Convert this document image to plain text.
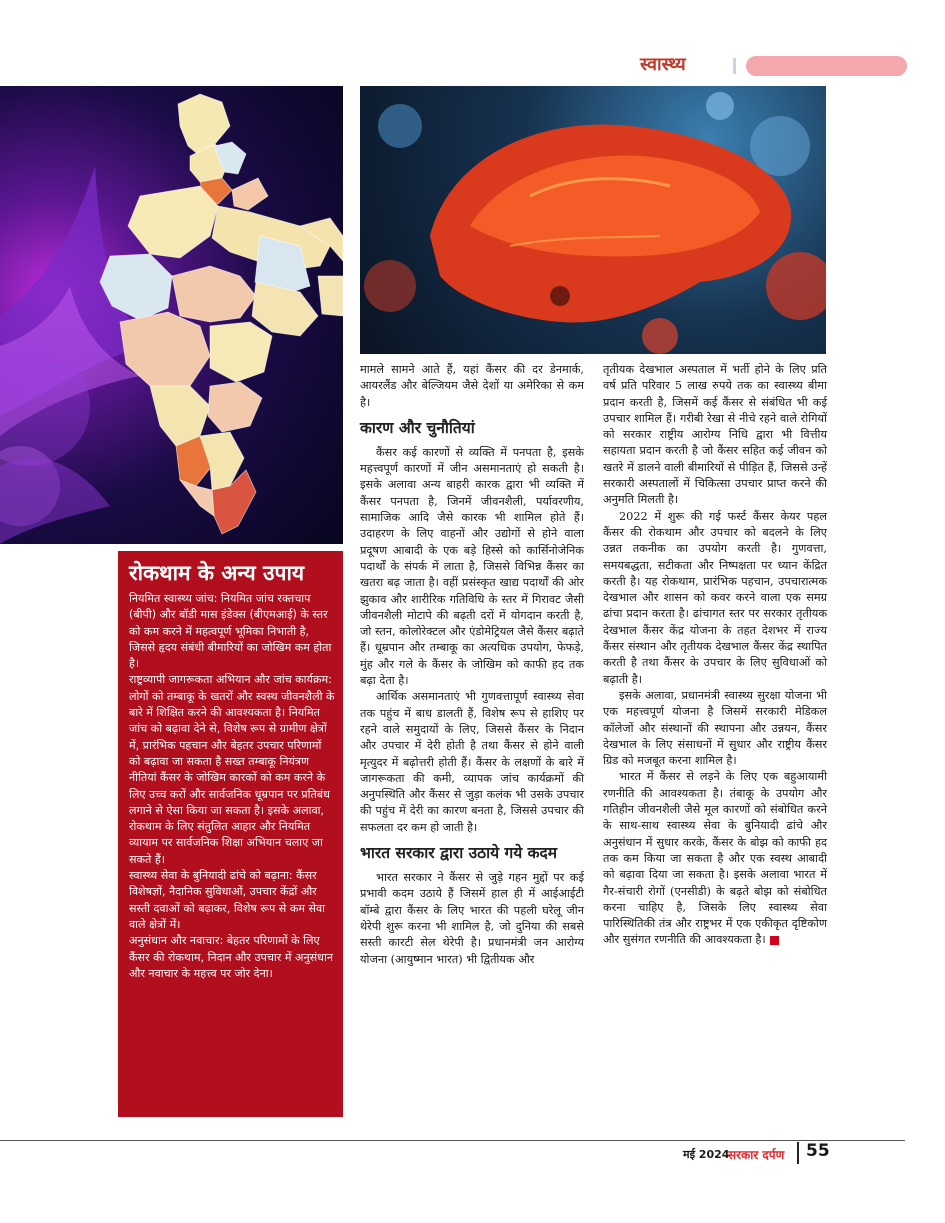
स्वास्थ्य
रोकथाम के अन्य उपाय

नियमित स्वास्थ्य जांच: नियमित जांच रक्तचाप (बीपी) और बॉडी मास इंडेक्स (बीएमआई) के स्तर को कम करने में महत्वपूर्ण भूमिका निभाती है, जिससे हृदय संबंधी बीमारियों का जोखिम कम होता है।

राष्ट्रव्यापी जागरूकता अभियान और जांच कार्यक्रम: लोगों को तम्बाकू के खतरों और स्वस्थ जीवनशैली के बारे में शिक्षित करने की आवश्यकता है। नियमित जांच को बढ़ावा देने से, विशेष रूप से ग्रामीण क्षेत्रों में, प्रारंभिक पहचान और बेहतर उपचार परिणामों को बढ़ावा जा सकता है सख्त तम्बाकू नियंत्रण नीतियां कैंसर के जोखिम कारकों को कम करने के लिए उच्च करों और सार्वजनिक धूम्रपान पर प्रतिबंध लगाने से ऐसा किया जा सकता है। इसके अलावा, रोकथाम के लिए संतुलित आहार और नियमित व्यायाम पर सार्वजनिक शिक्षा अभियान चलाए जा सकते हैं।

स्वास्थ्य सेवा के बुनियादी ढांचे को बढ़ाना: कैंसर विशेषज्ञों, नैदानिक सुविधाओं, उपचार केंद्रों और सस्ती दवाओं को बढ़ाकर, विशेष रूप से कम सेवा वाले क्षेत्रों में।

अनुसंधान और नवाचार: बेहतर परिणामों के लिए कैंसर की रोकथाम, निदान और उपचार में अनुसंधान और नवाचार के महत्त्व पर जोर देना।

मामले सामने आते हैं, यहां कैंसर की दर डेनमार्क, आयरलैंड और बेल्जियम जैसे देशों या अमेरिका से कम है।

कारण और चुनौतियां

कैंसर कई कारणों से व्यक्ति में पनपता है, इसके महत्त्वपूर्ण कारणों में जीन असमानताएं हो सकती है। इसके अलावा अन्य बाहरी कारक द्वारा भी व्यक्ति में कैंसर पनपता है, जिनमें जीवनशैली, पर्यावरणीय, सामाजिक आदि जैसे कारक भी शामिल होते हैं। उदाहरण के लिए वाहनों और उद्योगों से होने वाला प्रदूषण आबादी के एक बड़े हिस्से को कार्सिनोजेनिक पदार्थों के संपर्क में लाता है, जिससे विभिन्न कैंसर का खतरा बढ़ जाता है। वहीं प्रसंस्कृत खाद्य पदार्थों की ओर झुकाव और शारीरिक गतिविधि के स्तर में गिरावट जैसी जीवनशैली मोटापे की बढ़ती दरों में योगदान करती है, जो स्तन, कोलोरेक्टल और एंडोमेट्रियल जैसे कैंसर बढ़ाते हैं। धूम्रपान और तम्बाकू का अत्यधिक उपयोग, फेफड़े, मुंह और गले के कैंसर के जोखिम को काफी हद तक बढ़ा देता है।

आर्थिक असमानताएं भी गुणवत्तापूर्ण स्वास्थ्य सेवा तक पहुंच में बाध डालती हैं, विशेष रूप से हाशिए पर रहने वाले समुदायों के लिए, जिससे कैंसर के निदान और उपचार में देरी होती है तथा कैंसर से होने वाली मृत्युदर में बढ़ोत्तरी होती हैं। कैंसर के लक्षणों के बारे में जागरूकता की कमी, व्यापक जांच कार्यक्रमों की अनुपस्थिति और कैंसर से जुड़ा कलंक भी उसके उपचार की पहुंच में देरी का कारण बनता है, जिससे उपचार की सफलता दर कम हो जाती है।

भारत सरकार द्वारा उठाये गये कदम

भारत सरकार ने कैंसर से जुड़े गहन मुद्दों पर कई प्रभावी कदम उठाये हैं जिसमें हाल ही में आईआईटी बॉम्बे द्वारा कैंसर के लिए भारत की पहली घरेलू जीन थेरेपी शुरू करना भी शामिल है, जो दुनिया की सबसे सस्ती कारटी सेल थेरेपी है। प्रधानमंत्री जन आरोग्य योजना (आयुष्मान भारत) भी द्वितीयक और

तृतीयक देखभाल अस्पताल में भर्ती होने के लिए प्रति वर्ष प्रति परिवार 5 लाख रुपये तक का स्वास्थ्य बीमा प्रदान करती है, जिसमें कई कैंसर से संबंधित भी कई उपचार शामिल हैं। गरीबी रेखा से नीचे रहने वाले रोगियों को सरकार राष्ट्रीय आरोग्य निधि द्वारा भी वित्तीय सहायता प्रदान करती है जो कैंसर सहित कई जीवन को खतरे में डालने वाली बीमारियों से पीड़ित हैं, जिससे उन्हें सरकारी अस्पतालों में चिकित्सा उपचार प्राप्त करने की अनुमति मिलती है।

2022 में शुरू की गई फर्स्ट कैंसर केयर पहल कैंसर की रोकथाम और उपचार को बदलने के लिए उन्नत तकनीक का उपयोग करती है। गुणवत्ता, समयबद्धता, सटीकता और निष्पक्षता पर ध्यान केंद्रित करती है। यह रोकथाम, प्रारंभिक पहचान, उपचारात्मक देखभाल और शासन को कवर करने वाला एक समग्र ढांचा प्रदान करता है। ढांचागत स्तर पर सरकार तृतीयक देखभाल कैंसर केंद्र योजना के तहत देशभर में राज्य कैंसर संस्थान और तृतीयक देखभाल कैंसर केंद्र स्थापित करती है तथा कैंसर के उपचार के लिए सुविधाओं को बढ़ाती है।

इसके अलावा, प्रधानमंत्री स्वास्थ्य सुरक्षा योजना भी एक महत्त्वपूर्ण योजना है जिसमें सरकारी मेडिकल कॉलेजों और संस्थानों की स्थापना और उन्नयन, कैंसर देखभाल के लिए संसाधनों में सुधार और राष्ट्रीय कैंसर ग्रिड को मजबूत करना शामिल है।

भारत में कैंसर से लड़ने के लिए एक बहुआयामी रणनीति की आवश्यकता है। तंबाकू के उपयोग और गतिहीन जीवनशैली जैसे मूल कारणों को संबोधित करने के साथ-साथ स्वास्थ्य सेवा के बुनियादी ढांचे और अनुसंधान में सुधार करके, कैंसर के बोझ को काफी हद तक कम किया जा सकता है और एक स्वस्थ आबादी को बढ़ावा दिया जा सकता है। इसके अलावा भारत में गैर-संचारी रोगों (एनसीडी) के बढ़ते बोझ को संबोधित करना चाहिए है, जिसके लिए स्वास्थ्य सेवा पारिस्थितिकी तंत्र और राष्ट्रभर में एक एकीकृत दृष्टिकोण और सुसंगत रणनीति की आवश्यकता है।

मई 2024
सरकार दर्पण 55
